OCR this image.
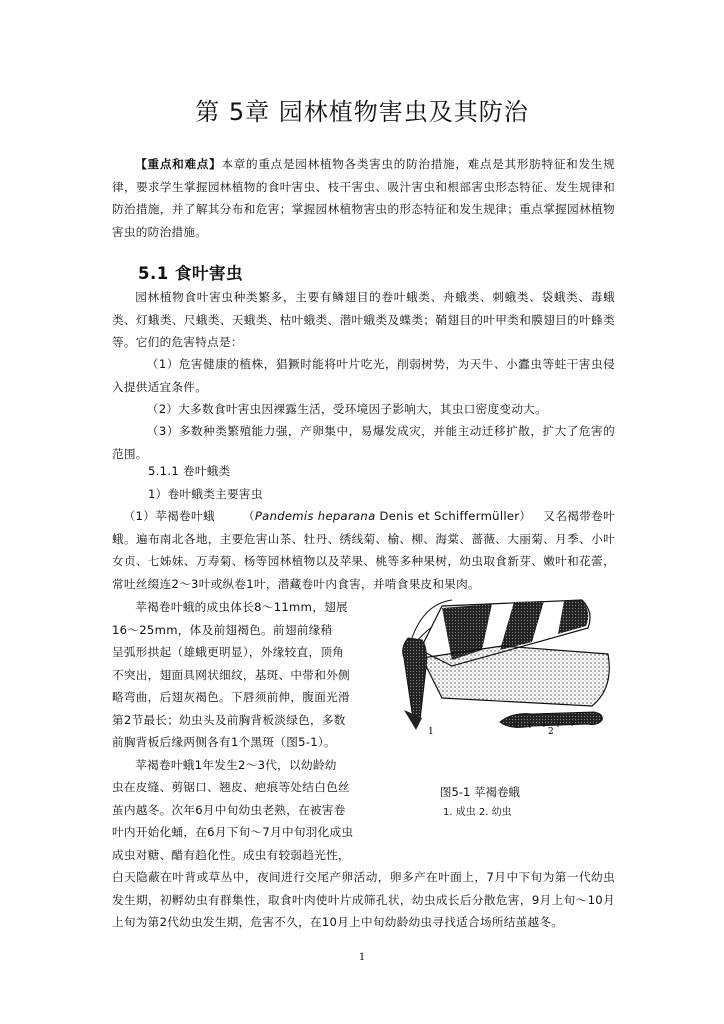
第 5章 园林植物害虫及其防治
【重点和难点】本章的重点是园林植物各类害虫的防治措施，难点是其形肪特征和发生规律，要求学生掌握园林植物的食叶害虫、枝干害虫、吸汁害虫和根部害虫形态特征、发生规律和防治措施，并了解其分布和危害；掌握园林植物害虫的形态特征和发生规律；重点掌握园林植物害虫的防治措施。
5.1 食叶害虫
园林植物食叶害虫种类繁多，主要有鳞翅目的卷叶蛾类、舟蛾类、刺蛾类、袋蛾类、毒蛾类、灯蛾类、尺蛾类、天蛾类、枯叶蛾类、潜叶蛾类及蝶类；鞘翅目的叶甲类和膜翅目的叶蜂类等。它们的危害特点是：
（1）危害健康的植株，猖獗时能将叶片吃光，削弱树势，为天牛、小蠹虫等蛀干害虫侵入提供适宜条件。
（2）大多数食叶害虫因裸露生活，受环境因子影响大，其虫口密度变动大。
（3）多数种类繁殖能力强，产卵集中，易爆发成灾，并能主动迁移扩散，扩大了危害的范围。
5.1.1 卷叶蛾类
1）卷叶蛾类主要害虫
（1）苹褐卷叶蛾 （Pandemis heparana Denis et Schiffermüller） 又名褐带卷叶蛾。遍布南北各地，主要危害山茶、牡丹、绣线菊、榆、柳、海棠、蔷薇、大丽菊、月季、小叶女贞、七姊妹、万寿菊、杨等园林植物以及苹果、桃等多种果树，幼虫取食新芽、嫩叶和花蕾，常吐丝缀连2～3叶或纵卷1叶，潜藏卷叶内食害，并啃食果皮和果肉。
苹褐卷叶蛾的成虫体长8～11mm，翅展
16～25mm，体及前翅褐色。前翅前缘稍
呈弧形拱起（雄蛾更明显），外缘较直，顶角
不突出，翅面具网状细纹，基斑、中带和外侧
略弯曲，后翅灰褐色。下唇须前伸，腹面光滑
第2节最长；幼虫头及前胸背板淡绿色，多数
前胸背板后缘两侧各有1个黑斑（图5-1）。
苹褐卷叶蛾1年发生2～3代，以幼龄幼
虫在皮缝、剪锯口、翘皮、疤痕等处结白色丝
茧内越冬。次年6月中旬幼虫老熟，在被害卷
叶内开始化蛹，在6月下旬～7月中旬羽化成虫
成虫对糖、醋有趋化性。成虫有较弱趋光性，
白天隐蔽在叶背或草丛中，夜间进行交尾产卵活动，卵多产在叶面上，7月中下旬为第一代幼虫发生期，初孵幼虫有群集性，取食叶肉使叶片成筛孔状，幼虫成长后分散危害，9月上旬～10月上旬为第2代幼虫发生期，危害不久，在10月上中旬幼龄幼虫寻找适合场所结茧越冬。
1	2
图5-1 苹褐卷蛾
1. 成虫 2. 幼虫
1
